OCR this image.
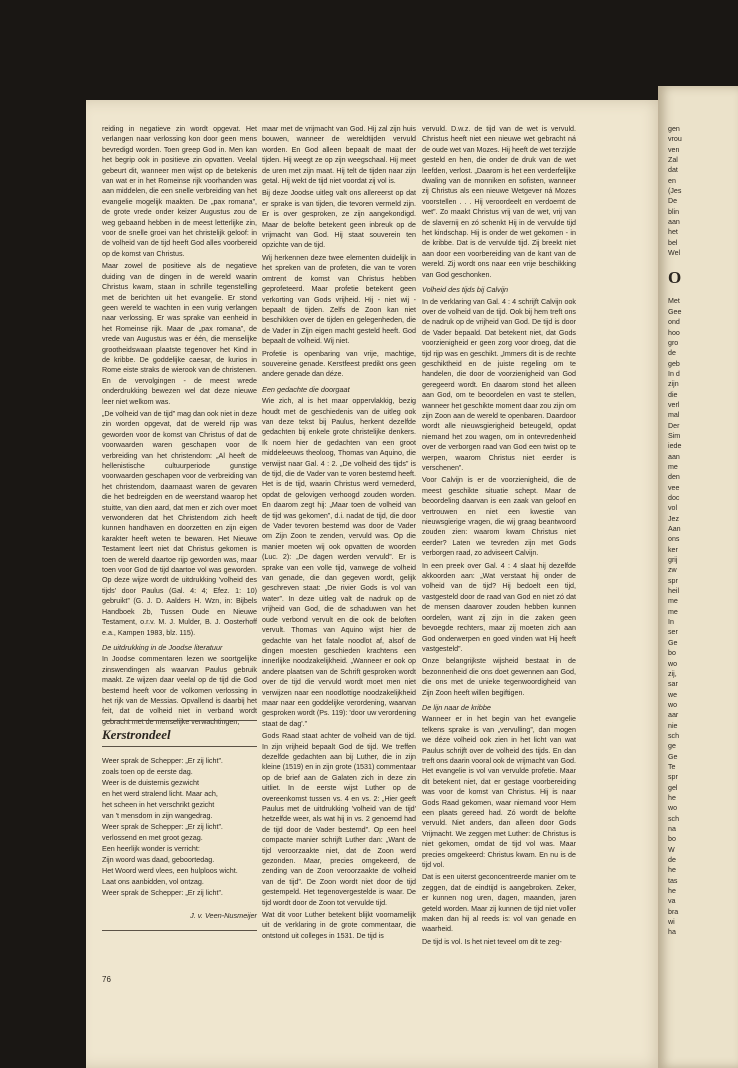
gen
vrou
ven
Zal
dat
en
(Jes
De
blin
aan
het
bel
Wel
O
Met
Gee
ond
hoo
gro
de
geb
In d
zijn
die
verl
mal
Der
Sim
iede
aan
me
den
vee
doc
vol
Jez
Aan
ons
ker
grij
zw
spr
heil
me
me
In
ser
Ge
bo
wo
zij,
sar
we
wo
aar
nie
sch
ge
Ge
Te
spr
gel
he
wo
sch
na
bo
W
de
he
tas
he
va
bra
wi
ha

reiding in negatieve zin wordt opgevat. Het verlangen naar verlossing kon door geen mens bevredigd worden. Toen greep God in. Men kan het begrip ook in positieve zin opvatten. Veelal gebeurt dit, wanneer men wijst op de betekenis van wat er in het Romeinse rijk voorhanden was aan middelen, die een snelle verbreiding van het evangelie mogelijk maakten. De „pax romana”, de grote vrede onder keizer Augustus zou de weg gebaand hebben in de meest letterlijke zin, voor de snelle groei van het christelijk geloof: in de volheid van de tijd heeft God alles voorbereid op de komst van Christus.

Maar zowel de positieve als de negatieve duiding van de dingen in de wereld waarin Christus kwam, staan in schrille tegenstelling met de berichten uit het evangelie. Er stond geen wereld te wachten in een vurig verlangen naar verlossing. Er was sprake van eenheid in het Romeinse rijk. Maar de „pax romana”, de vrede van Augustus was er één, die menselijke grootheidswaan plaatste tegenover het Kind in de kribbe. De goddelijke caesar, de kurios in Rome eiste straks de wierook van de christenen. En de vervolgingen - de meest wrede onderdrukking bewezen wel dat deze nieuwe leer niet welkom was.

„De volheid van de tijd” mag dan ook niet in deze zin worden opgevat, dat de wereld rijp was geworden voor de komst van Christus of dat de voorwaarden waren geschapen voor de verbreiding van het christendom: „Al heeft de hellenistische cultuurperiode gunstige voorwaarden geschapen voor de verbreiding van het christendom, daarnaast waren de gevaren die het bedreigden en de weerstand waarop het stuitte, van dien aard, dat men er zich over moet verwonderen dat het Christendom zich heeft kunnen handhaven en doorzetten en zijn eigen karakter heeft weten te bewaren. Het Nieuwe Testament leert niet dat Christus gekomen is toen de wereld daartoe rijp geworden was, maar toen voor God de tijd daartoe vol was geworden. Op deze wijze wordt de uitdrukking 'volheid des tijds' door Paulus (Gal. 4: 4; Efez. 1: 10) gebruikt” (G. J. D. Aalders H. Wzn, in: Bijbels Handboek 2b, Tussen Oude en Nieuwe Testament, o.r.v. M. J. Mulder, B. J. Oosterhoff e.a., Kampen 1983, blz. 115).

De uitdrukking in de Joodse literatuur

In Joodse commentaren lezen we soortgelijke zinswendingen als waarvan Paulus gebruik maakt. Ze wijzen daar veelal op de tijd die God bestemd heeft voor de volkomen verlossing in het rijk van de Messias. Opvallend is daarbij het feit, dat de volheid niet in verband wordt gebracht met de menselijke verwachtingen,

maar met de vrijmacht van God. Hij zal zijn huis bouwen, wanneer de wereldtijden vervuld worden. En God alleen bepaalt de maat der tijden. Hij weegt ze op zijn weegschaal. Hij meet de uren met zijn maat. Hij telt de tijden naar zijn getal. Hij wekt de tijd niet voordat zij vol is.

Bij deze Joodse uitleg valt ons allereerst op dat er sprake is van tijden, die tevoren vermeld zijn. Er is over gesproken, ze zijn aangekondigd. Maar de belofte betekent geen inbreuk op de vrijmacht van God. Hij staat souverein ten opzichte van de tijd.

Wij herkennen deze twee elementen duidelijk in het spreken van de profeten, die van te voren omtrent de komst van Christus hebben geprofeteerd. Maar profetie betekent geen verkorting van Gods vrijheid. Hij - niet wij - bepaalt de tijden. Zelfs de Zoon kan niet beschikken over de tijden en gelegenheden, die de Vader in Zijn eigen macht gesteld heeft. God bepaalt de volheid. Wij niet.

Profetie is openbaring van vrije, machtige, souvereine genade. Kerstfeest predikt ons geen andere genade dan déze.

Een gedachte die doorgaat

Wie zich, al is het maar oppervlakkig, bezig houdt met de geschiedenis van de uitleg ook van deze tekst bij Paulus, herkent dezelfde gedachten bij enkele grote christelijke denkers. Ik noem hier de gedachten van een groot middeleeuws theoloog, Thomas van Aquino, die verwijst naar Gal. 4 : 2. „De volheid des tijds” is de tijd, die de Vader van te voren bestemd heeft. Het is de tijd, waarin Christus werd vernederd, opdat de gelovigen verhoogd zouden worden. En daarom zegt hij: „Maar toen de volheid van de tijd was gekomen”, d.i. nadat de tijd, die door de Vader tevoren bestemd was door de Vader om Zijn Zoon te zenden, vervuld was. Op die manier moeten wij ook opvatten de woorden (Luc. 2): „De dagen werden vervuld”. Er is sprake van een volle tijd, vanwege de volheid van genade, die dan gegeven wordt, gelijk geschreven staat: „De rivier Gods is vol van water”. In deze uitleg valt de nadruk op de vrijheid van God, die de schaduwen van het oude verbond vervult en die ook de beloften vervult. Thomas van Aquino wijst hier de gedachte van het fatale noodlot af, alsof de dingen moesten geschieden krachtens een innerlijke noodzakelijkheid. „Wanneer er ook op andere plaatsen van de Schrift gesproken wordt over de tijd die vervuld wordt moet men niet verwijzen naar een noodlottige noodzakelijkheid maar naar een goddelijke verordening, waarvan gesproken wordt (Ps. 119): 'door uw verordening staat de dag'.”

Gods Raad staat achter de volheid van de tijd. In zijn vrijheid bepaalt God de tijd. We treffen dezelfde gedachten aan bij Luther, die in zijn kleine (1519) en in zijn grote (1531) commentaar op de brief aan de Galaten zich in deze zin uitliet. In de eerste wijst Luther op de overeenkomst tussen vs. 4 en vs. 2: „Hier geeft Paulus met de uitdrukking 'volheid van de tijd' hetzelfde weer, als wat hij in vs. 2 genoemd had de tijd door de Vader bestemd”. Op een heel compacte manier schrijft Luther dan: „Want de tijd veroorzaakte niet, dat de Zoon werd gezonden. Maar, precies omgekeerd, de zending van de Zoon veroorzaakte de volheid van de tijd”. De Zoon wordt niet door de tijd gestempeld. Het tegenovergestelde is waar. De tijd wordt door de Zoon tot vervulde tijd.

Wat dit voor Luther betekent blijkt voornamelijk uit de verklaring in de grote commentaar, die ontstond uit colleges in 1531. De tijd is

vervuld. D.w.z. de tijd van de wet is vervuld. Christus heeft niet een nieuwe wet gebracht ná de oude wet van Mozes. Hij heeft de wet terzijde gesteld en hen, die onder de druk van de wet leefden, verlost. „Daarom is het een verderfelijke dwaling van de monniken en sofisten, wanneer zij Christus als een nieuwe Wetgever ná Mozes voorstellen . . . Hij veroordeelt en verdoemt de wet”. Zo maakt Christus vrij van de wet, vrij van de slavernij en zó schenkt Hij in de vervulde tijd het kindschap. Hij is onder de wet gekomen - in de kribbe. Dat is de vervulde tijd. Zij breekt niet aan door een voorbereiding van de kant van de wereld. Zij wordt ons naar een vrije beschikking van God geschonken.

Volheid des tijds bij Calvijn

In de verklaring van Gal. 4 : 4 schrijft Calvijn ook over de volheid van de tijd. Ook bij hem treft ons de nadruk op de vrijheid van God. De tijd is door de Vader bepaald. Dat betekent niet, dat Gods voorzienigheid er geen zorg voor droeg, dat die tijd rijp was en geschikt. „Immers dit is de rechte geschiktheid en de juiste regeling om te handelen, die door de voorzienigheid van God geregeerd wordt. En daarom stond het alleen aan God, om te beoordelen en vast te stellen, wanneer het geschikte moment daar zou zijn om zijn Zoon aan de wereld te openbaren. Daardoor wordt alle nieuwsgierigheid beteugeld, opdat niemand het zou wagen, om in ontevredenheid over de verborgen raad van God een twist op te werpen, waarom Christus niet eerder is verschenen”.

Voor Calvijn is er de voorzienigheid, die de meest geschikte situatie schept. Maar de beoordeling daarvan is een zaak van geloof en vertrouwen en niet een kwestie van nieuwsgierige vragen, die wij graag beantwoord zouden zien: waarom kwam Christus niet eerder? Laten we tevreden zijn met Gods verborgen raad, zo adviseert Calvijn.

In een preek over Gal. 4 : 4 slaat hij dezelfde akkoorden aan: „Wat verstaat hij onder de volheid van de tijd? Hij bedoelt een tijd, vastgesteld door de raad van God en niet zó dat de mensen daarover zouden hebben kunnen oordelen, want zij zijn in die zaken geen bevoegde rechters, maar zij moeten zich aan God onderwerpen en goed vinden wat Hij heeft vastgesteld”.

Onze belangrijkste wijsheid bestaat in de bezonnenheid die ons doet gewennen aan God, die ons met de unieke tegenwoordigheid van Zijn Zoon heeft willen begiftigen.

De lijn naar de kribbe

Wanneer er in het begin van het evangelie telkens sprake is van „vervulling”, dan mogen we déze volheid ook zien in het licht van wat Paulus schrijft over de volheid des tijds. En dan treft ons daarin vooral ook de vrijmacht van God. Het evangelie is vol van vervulde profetie. Maar dit betekent niet, dat er gestage voorbereiding was voor de komst van Christus. Hij is naar Gods Raad gekomen, waar niemand voor Hem een plaats gereed had. Zó wordt de belofte vervuld. Niet anders, dan alleen door Gods Vrijmacht. We zeggen met Luther: de Christus is niet gekomen, omdat de tijd vol was. Maar precies omgekeerd: Christus kwam. En nu is de tijd vol.

Dat is een uiterst geconcentreerde manier om te zeggen, dat de eindtijd is aangebroken. Zeker, er kunnen nog uren, dagen, maanden, jaren geteld worden. Maar zij kunnen de tijd niet voller maken dan hij al reeds is: vol van genade en waarheid.

De tijd is vol. Is het niet teveel om dit te zeg-

Kerstrondeel
Weer sprak de Schepper: „Er zij licht”.
zoals toen op de eerste dag.
Weer is de duisternis gezwicht
en het werd stralend licht. Maar ach,
het scheen in het verschrikt gezicht
van 't mensdom in zijn wangedrag.
Weer sprak de Schepper: „Er zij licht”.
verlossend en met groot gezag.
Een heerlijk wonder is verricht:
Zijn woord was daad, geboortedag.
Het Woord werd vlees, een hulploos wicht.
Laat ons aanbidden, vol ontzag.
Weer sprak de Schepper: „Er zij licht”.
J. v. Veen-Nusmeijer
76
